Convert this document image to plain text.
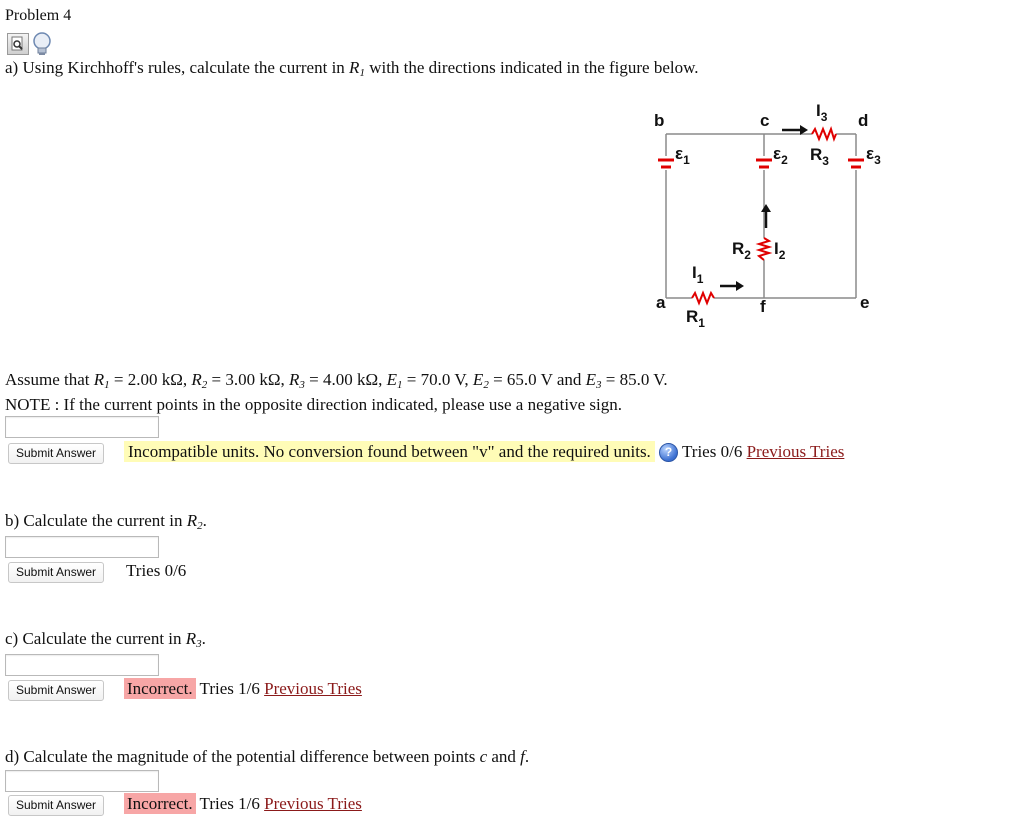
Problem 4
a) Using Kirchhoff's rules, calculate the current in $R_1$ with the directions indicated in the figure below.
b	c	d
a	f	e
$\varepsilon_1$	$\varepsilon_2$	$\varepsilon_3$
$R_3$
$R_2$
$R_1$
$I_3$
$I_2$
$I_1$
Assume that $R_1 = 2.00$ kΩ, $R_2 = 3.00$ kΩ, $R_3 = 4.00$ kΩ, $E_1 = 70.0$ V, $E_2 = 65.0$ V and $E_3 = 85.0$ V.
NOTE : If the current points in the opposite direction indicated, please use a negative sign.
Submit Answer	Incompatible units. No conversion found between "v" and the required units. ? Tries 0/6 Previous Tries
b) Calculate the current in $R_2$.
Submit Answer	Tries 0/6
c) Calculate the current in $R_3$.
Submit Answer	Incorrect. Tries 1/6 Previous Tries
d) Calculate the magnitude of the potential difference between points c and f.
Submit Answer	Incorrect. Tries 1/6 Previous Tries
